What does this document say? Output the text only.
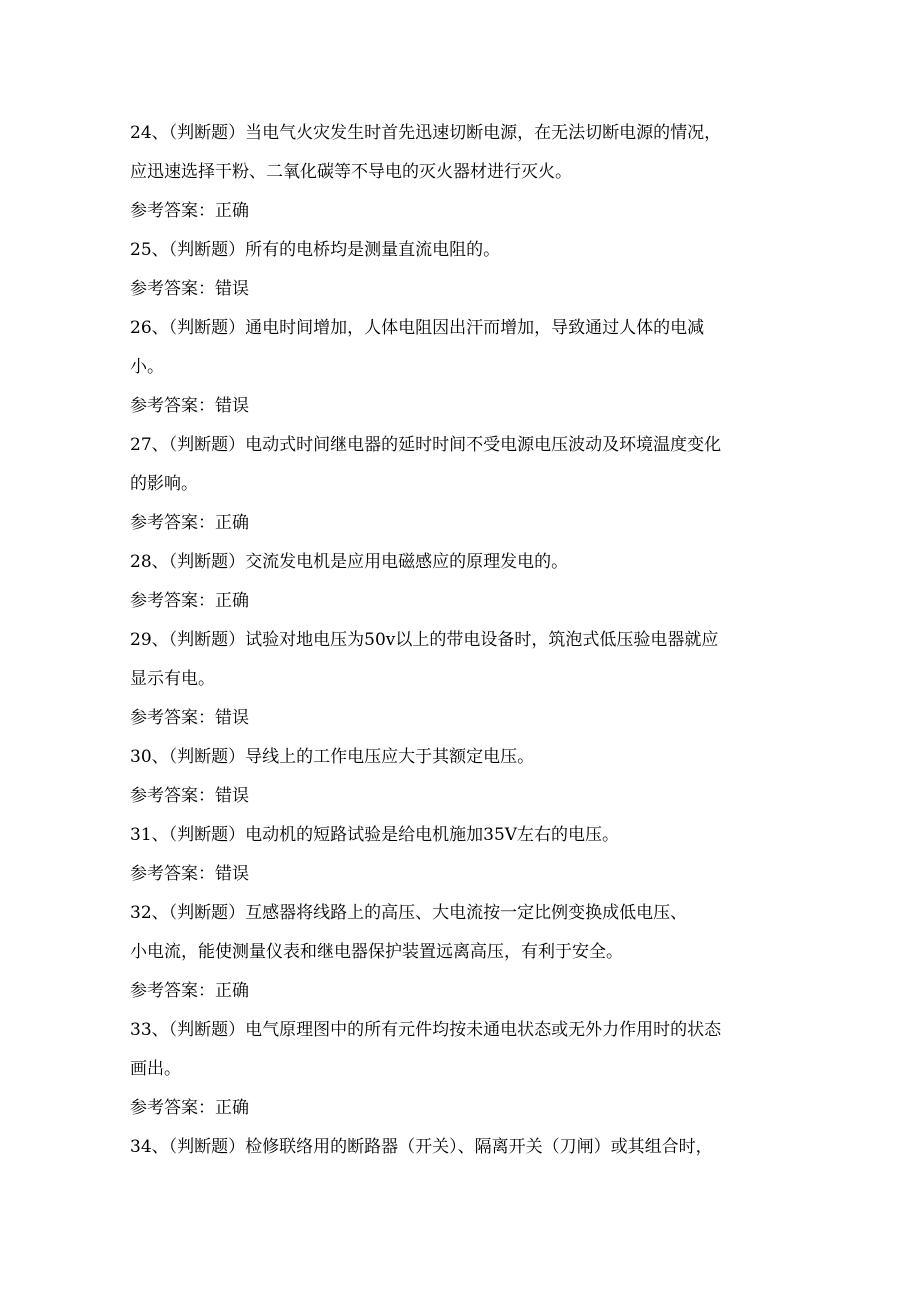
24、（判断题）当电气火灾发生时首先迅速切断电源，在无法切断电源的情况，
应迅速选择干粉、二氧化碳等不导电的灭火器材进行灭火。
参考答案：正确
25、（判断题）所有的电桥均是测量直流电阻的。
参考答案：错误
26、（判断题）通电时间增加，人体电阻因出汗而增加，导致通过人体的电减
小。
参考答案：错误
27、（判断题）电动式时间继电器的延时时间不受电源电压波动及环境温度变化
的影响。
参考答案：正确
28、（判断题）交流发电机是应用电磁感应的原理发电的。
参考答案：正确
29、（判断题）试验对地电压为50v以上的带电设备时，筑泡式低压验电器就应
显示有电。
参考答案：错误
30、（判断题）导线上的工作电压应大于其额定电压。
参考答案：错误
31、（判断题）电动机的短路试验是给电机施加35V左右的电压。
参考答案：错误
32、（判断题）互感器将线路上的高压、大电流按一定比例变换成低电压、
小电流，能使测量仪表和继电器保护装置远离高压，有利于安全。
参考答案：正确
33、（判断题）电气原理图中的所有元件均按未通电状态或无外力作用时的状态
画出。
参考答案：正确
34、（判断题）检修联络用的断路器（开关）、隔离开关（刀闸）或其组合时，
